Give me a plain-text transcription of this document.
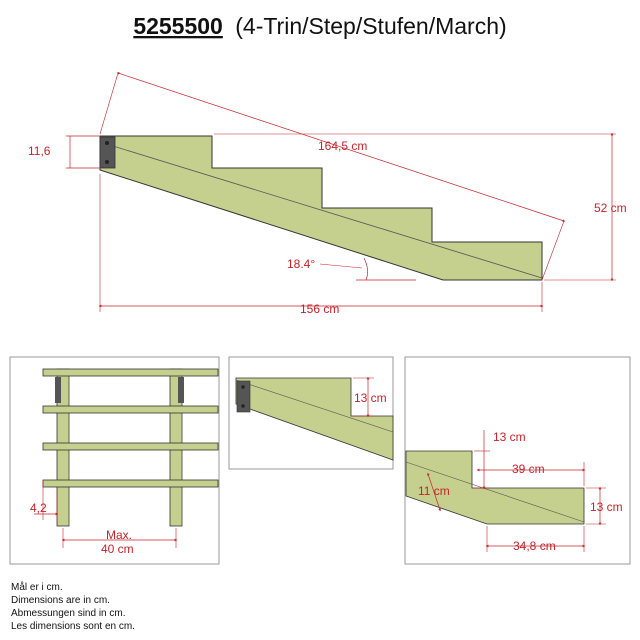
5255500 (4-Trin/Step/Stufen/March)
11,6	164,5 cm
52 cm
18.4°
156 cm
4,2
Max.
40 cm
13 cm
13 cm
39 cm
11 cm
13 cm
34,8 cm
Mål er i cm.
Dimensions are in cm.
Abmessungen sind in cm.
Les dimensions sont en cm.
